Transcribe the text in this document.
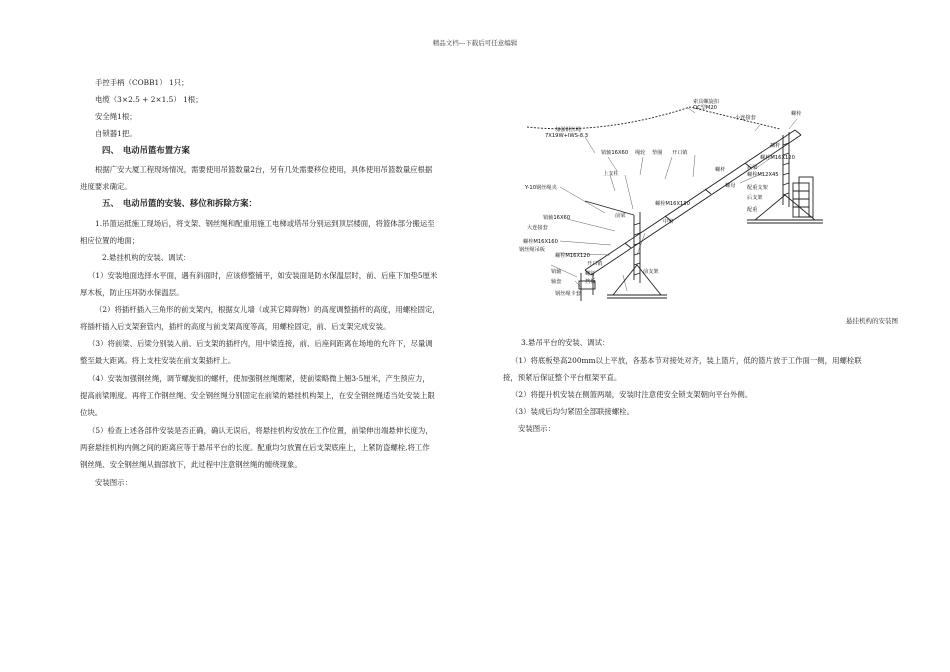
精品文档---下载后可任意编辑
手控手柄（COBB1） 1只；
电缆（3×2.5 + 2×1.5） 1根；
安全绳1根；
自锁器1把。
四、　电动吊篮布置方案
根据广安大厦工程现场情况，需要使用吊篮数量2台，另有几处需要移位使用，具体使用吊篮数量应根据
进度要求确定。
五、　电动吊篮的安装、移位和拆除方案：
1.吊篮运抵施工现场后，将支架、钢丝绳和配重用施工电梯或塔吊分别运到顶层楼面，将篮体部分搬运至
相应位置的地面；
2.悬挂机构的安装、调试：
（1）安装地面选择水平面，遇有斜面时，应该修整铺平，如安装面是防水保温层时，前、后座下加垫5厘米
厚木板，防止压坏防水保温层。
（2）将插杆插入三角形的前支架内，根据女儿墙（或其它障碍物）的高度调整插杆的高度，用螺栓固定，
将插杆插入后支架套管内，插杆的高度与前支架高度等高，用螺栓固定，前、后支架完成安装。
（3）将前梁、后梁分别装入前、后支架的插杆内，用中梁连接，前、后座间距离在场地的允许下，尽量调
整至最大距离。将上支柱安装在前支架插杆上。
（4）安装加强钢丝绳，调节螺旋扣的螺杆，使加强钢丝绳绷紧，使前梁略微上翘3-5厘米，产生预应力，
提高前梁刚度。再将工作钢丝绳、安全钢丝绳分别固定在前梁的悬挂机构架上，在安全钢丝绳适当处安装上限
位块。
（5）检查上述各部件安装是否正确，确认无误后，将悬挂机构安放在工作位置，前梁伸出端悬伸长度为，
两套悬挂机构内侧之间的距离应等于悬吊平台的长度。配重均匀放置在后支架底座上，上紧防盗螺栓,将工作
钢丝绳、安全钢丝绳从揣部放下，此过程中注意钢丝绳的缠绕现象。
安装图示：
索具螺旋扣
OC型M20
小连接套
螺栓
加强钢丝绳
7X19W+IWS-8.3
销轴16X60 绳轮 垫圈 开口销
插杆
螺栓M16X120
上支柱
螺母
后梁
螺栓M12X45
配重支架
后支架
配重
Y-10钢丝绳夹
螺栓M16X130
螺杆
销轴16X60	前梁
大连接套
中梁
螺栓M16X160
钢丝绳吊板
螺栓M16X120
开口销
销轴	螺钉
轴套	挡板
钢丝绳卡套
前支架
悬挂机构的安装图
3.悬吊平台的安装、调试：
（1）将底板垫高200mm以上平放，各基本节对接处对齐，装上篮片，低的篮片放于工作面一侧，用螺栓联
接，预紧后保证整个平台框架平直。
（2）将提升机安装在侧篮两端，安装时注意使安全锁支架朝向平台外侧。
（3）装成后均匀紧固全部联接螺栓。
安装图示：
